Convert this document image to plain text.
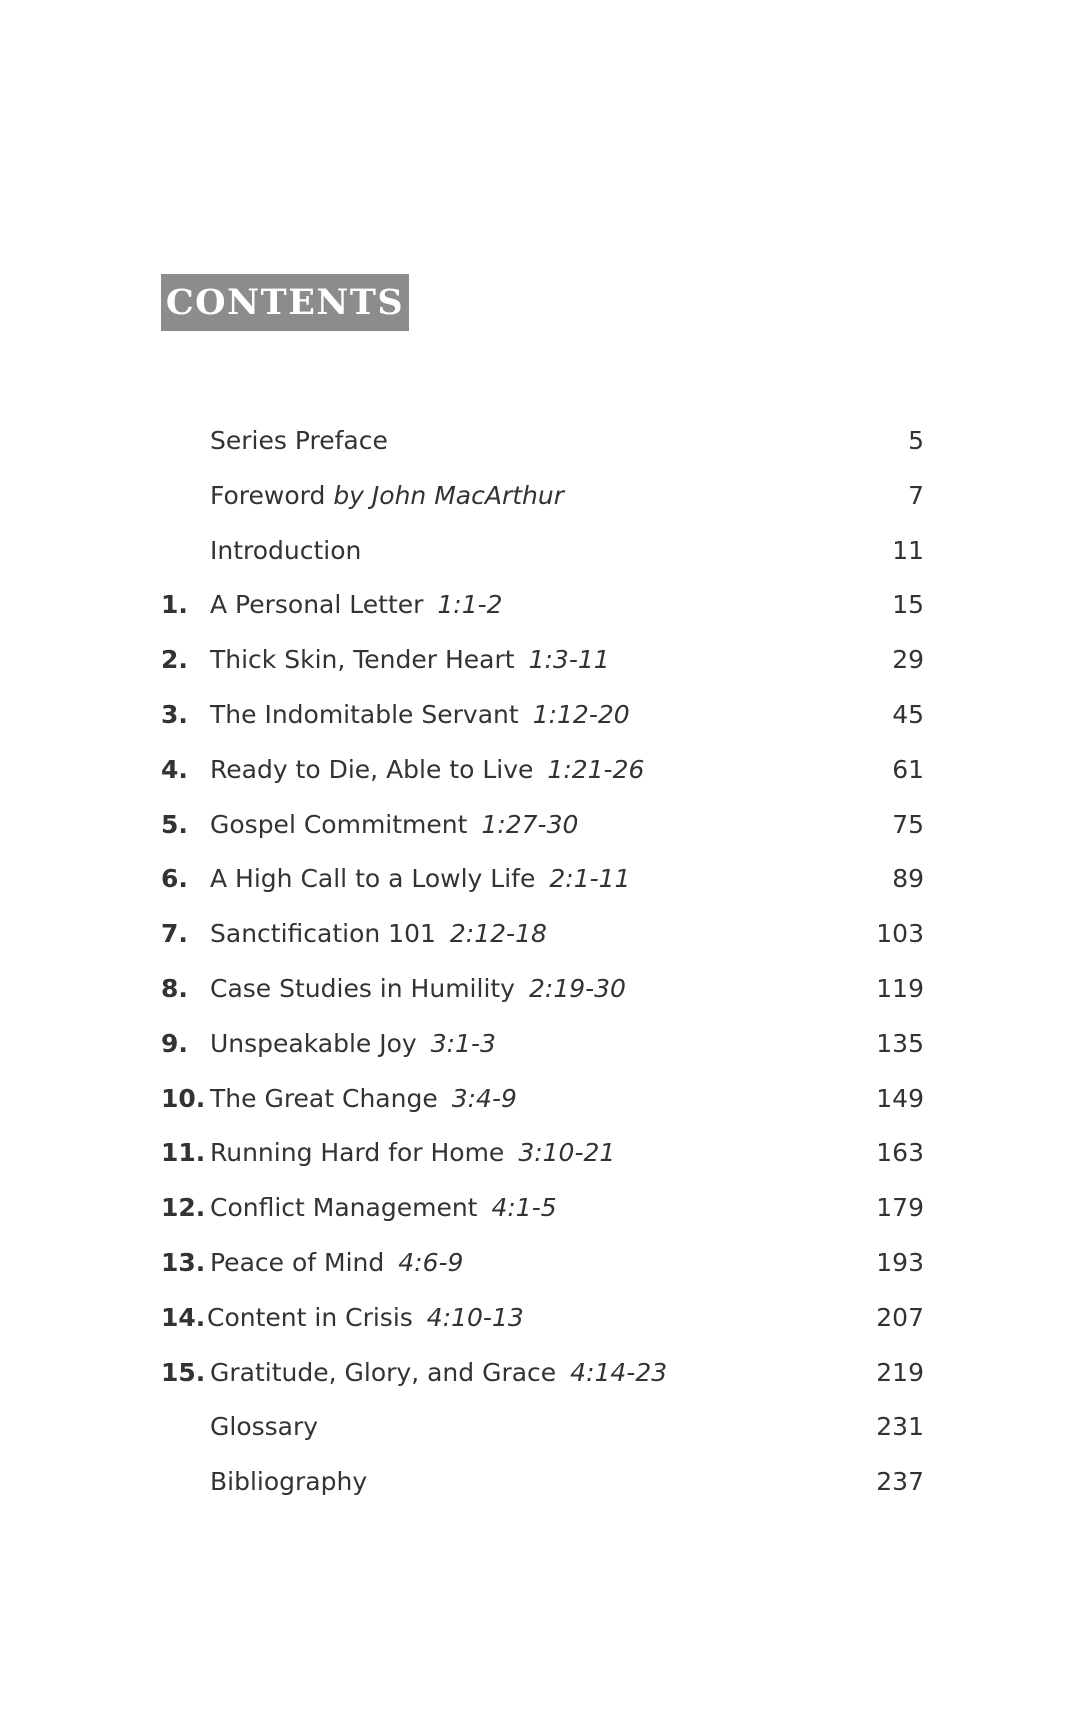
CONTENTS
Series Preface	5
Foreword by John MacArthur	7
Introduction	11
1. A Personal Letter 1:1-2	15
2. Thick Skin, Tender Heart 1:3-11	29
3. The Indomitable Servant 1:12-20	45
4. Ready to Die, Able to Live 1:21-26	61
5. Gospel Commitment 1:27-30	75
6. A High Call to a Lowly Life 2:1-11	89
7. Sanctification 101 2:12-18	103
8. Case Studies in Humility 2:19-30	119
9. Unspeakable Joy 3:1-3	135
10. The Great Change 3:4-9	149
11. Running Hard for Home 3:10-21	163
12. Conflict Management 4:1-5	179
13. Peace of Mind 4:6-9	193
14. Content in Crisis 4:10-13	207
15. Gratitude, Glory, and Grace 4:14-23	219
Glossary	231
Bibliography	237
